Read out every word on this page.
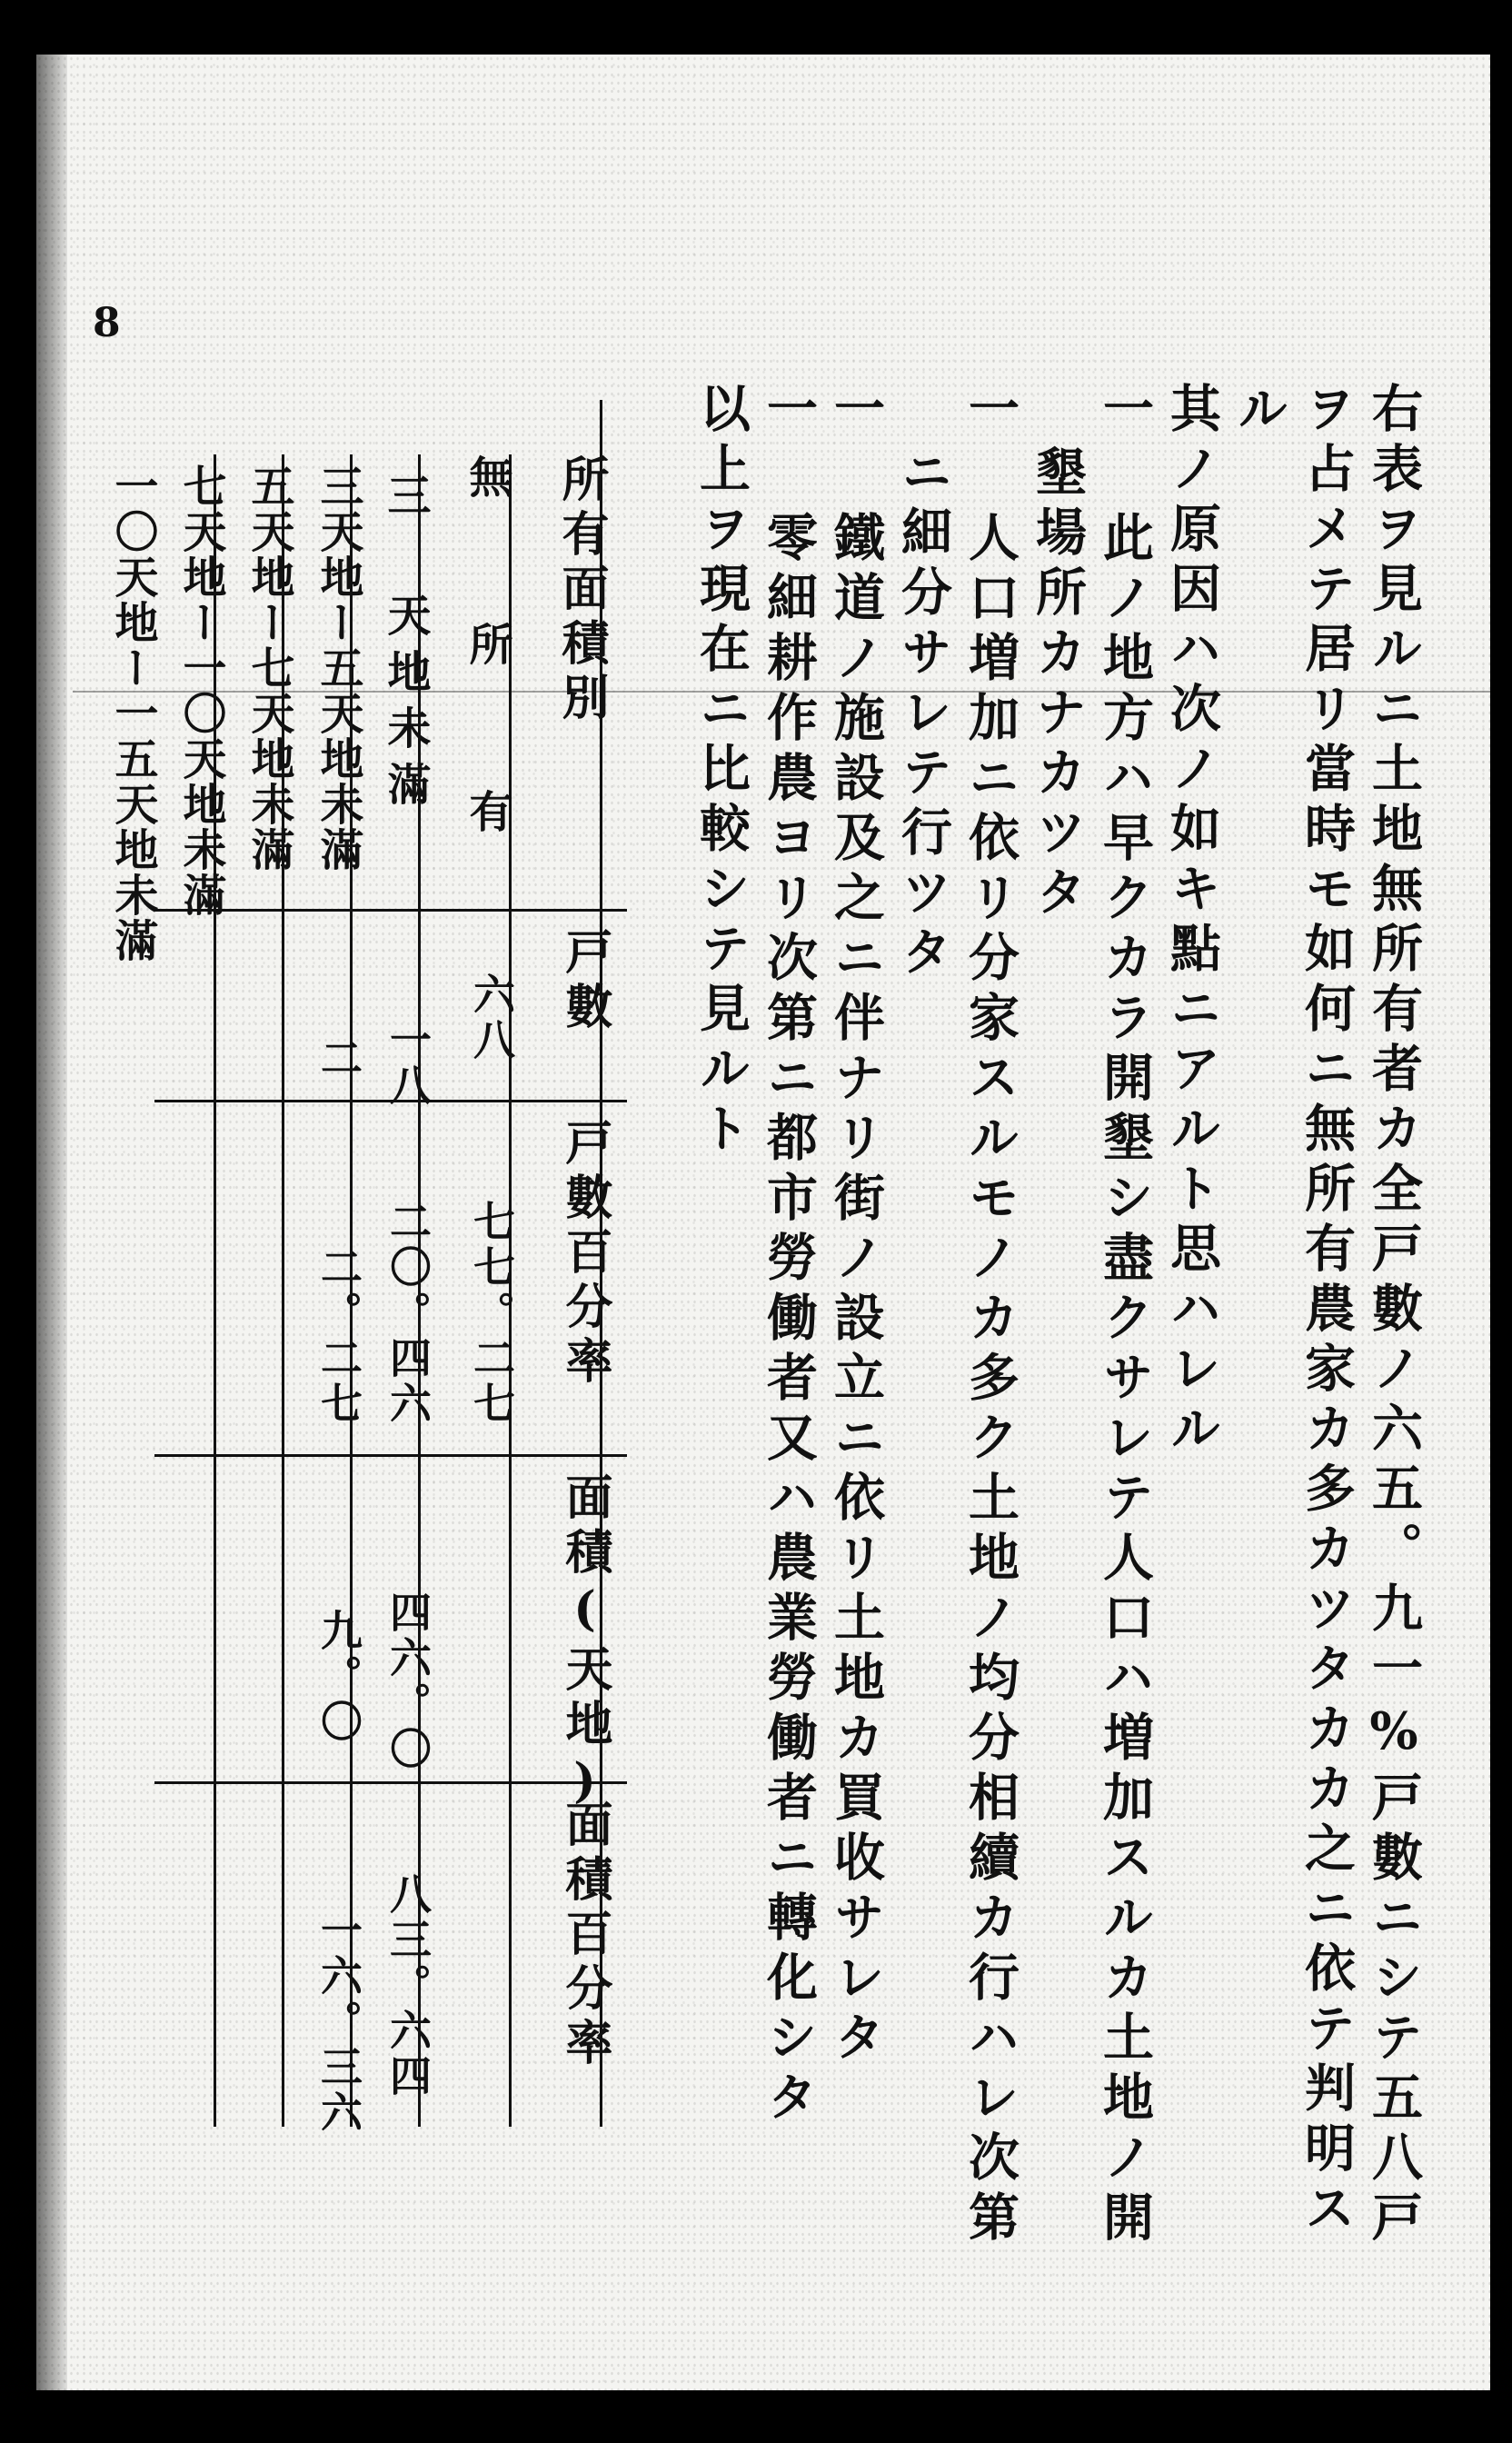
8
右表ヲ見ルニ土地無所有者カ全戸數ノ六五。九一%戸數ニシテ五八戸
ヲ占メテ居リ當時モ如何ニ無所有農家カ多カツタカカ之ニ依テ判明ス
ル
其ノ原因ハ次ノ如キ點ニアルト思ハレル
一 此ノ地方ハ早クカラ開墾シ盡クサレテ人口ハ増加スルカ土地ノ開
墾場所カナカツタ
一 人口増加ニ依リ分家スルモノカ多ク土地ノ均分相續カ行ハレ次第
ニ細分サレテ行ツタ
一 鐵道ノ施設及之ニ伴ナリ街ノ設立ニ依リ土地カ買收サレタ
一 零細耕作農ヨリ次第ニ都市勞働者又ハ農業勞働者ニ轉化シタ
以上ヲ現在ニ比較シテ見ルト
所有面積別
戸數
戸數百分率
面積(天地)
面積百分率
無 所 有
六八
七七。二七
三 天地未滿
一八
二〇。四六
四六。〇
八三。六四
三天地ー五天地未滿
二
二。二七
九。〇
一六。三六
五天地ー七天地未滿
七天地ー一〇天地未滿
一〇天地ー一五天地未滿
